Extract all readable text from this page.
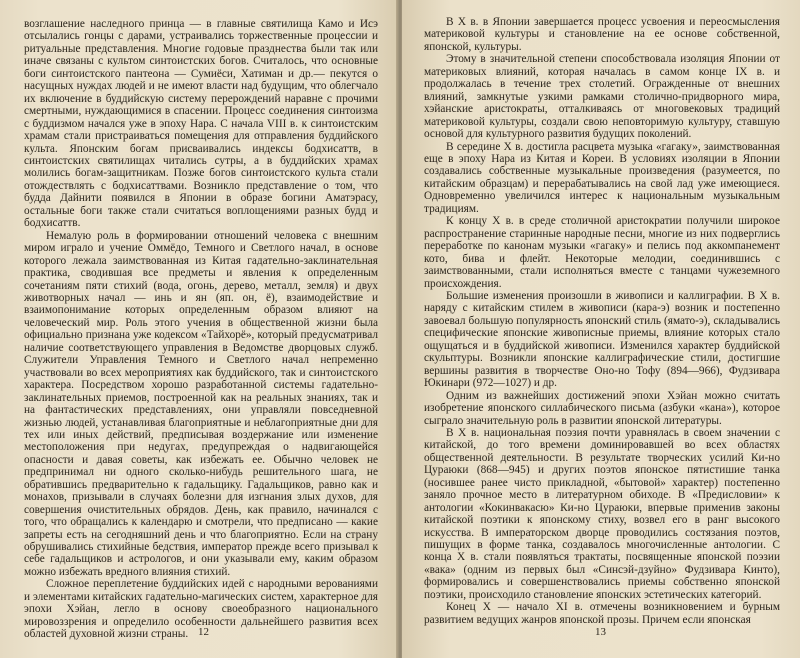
возглашение наследного принца — в главные святилища Камо и Исэ отсылались гонцы с дарами, устраивались торжественные процессии и ритуальные представления. Многие годовые празднества были так или иначе связаны с культом синтоистских богов. Считалось, что основные боги синтоистского пантеона — Сумиёси, Хатиман и др.— пекутся о насущных нуждах людей и не имеют власти над будущим, что облегчало их включение в буддийскую систему перерождений наравне с прочими смертными, нуждающимися в спасении. Процесс соединения синтоизма с буддизмом начался уже в эпоху Нара. С начала VIII в. к синтоистским храмам стали пристраиваться помещения для отправления буддийского культа. Японским богам присваивались индексы бодхисаттв, в синтоистских святилищах читались сутры, а в буддийских храмах молились богам-защитникам. Позже богов синтоистского культа стали отождествлять с бодхисаттвами. Возникло представление о том, что будда Дайнити появился в Японии в образе богини Аматэрасу, остальные боги также стали считаться воплощениями разных будд и бодхисаттв.

Немалую роль в формировании отношений человека с внешним миром играло и учение Оммёдо, Темного и Светлого начал, в основе которого лежала заимствованная из Китая гадательно-заклинательная практика, сводившая все предметы и явления к определенным сочетаниям пяти стихий (вода, огонь, дерево, металл, земля) и двух животворных начал — инь и ян (яп. он, ё), взаимодействие и взаимопонимание которых определенным образом влияют на человеческий мир. Роль этого учения в общественной жизни была официально признана уже кодексом «Тайхорё», который предусматривал наличие соответствующего управления в Ведомстве дворцовых служб. Служители Управления Темного и Светлого начал непременно участвовали во всех мероприятиях как буддийского, так и синтоистского характера. Посредством хорошо разработанной системы гадательно-заклинательных приемов, построенной как на реальных знаниях, так и на фантастических представлениях, они управляли повседневной жизнью людей, устанавливая благоприятные и неблагоприятные дни для тех или иных действий, предписывая воздержание или изменение местоположения при недугах, предупреждая о надвигающейся опасности и давая советы, как избежать ее. Обычно человек не предпринимал ни одного сколько-нибудь решительного шага, не обратившись предварительно к гадальщику. Гадальщиков, равно как и монахов, призывали в случаях болезни для изгнания злых духов, для совершения очистительных обрядов. День, как правило, начинался с того, что обращались к календарю и смотрели, что предписано — какие запреты есть на сегодняшний день и что благоприятно. Если на страну обрушивались стихийные бедствия, император прежде всего призывал к себе гадальщиков и астрологов, и они указывали ему, каким образом можно избежать вредного влияния стихий.

Сложное переплетение буддийских идей с народными верованиями и элементами китайских гадательно-магических систем, характерное для эпохи Хэйан, легло в основу своеобразного национального мировоззрения и определило особенности дальнейшего развития всех областей духовной жизни страны. 12

В X в. в Японии завершается процесс усвоения и переосмысления материковой культуры и становление на ее основе собственной, японской, культуры.

Этому в значительной степени способствовала изоляция Японии от материковых влияний, которая началась в самом конце IX в. и продолжалась в течение трех столетий. Огражденные от внешних влияний, замкнутые узкими рамками столично-придворного мира, хэйанские аристократы, отталкиваясь от многовековых традиций материковой культуры, создали свою неповторимую культуру, ставшую основой для культурного развития будущих поколений.

В середине X в. достигла расцвета музыка «гагаку», заимствованная еще в эпоху Нара из Китая и Кореи. В условиях изоляции в Японии создавались собственные музыкальные произведения (разумеется, по китайским образцам) и перерабатывались на свой лад уже имеющиеся. Одновременно увеличился интерес к национальным музыкальным традициям.

К концу X в. в среде столичной аристократии получили широкое распространение старинные народные песни, многие из них подверглись переработке по канонам музыки «гагаку» и пелись под аккомпанемент кото, бива и флейт. Некоторые мелодии, соединившись с заимствованными, стали исполняться вместе с танцами чужеземного происхождения.

Большие изменения произошли в живописи и каллиграфии. В X в. наряду с китайским стилем в живописи (кара-э) возник и постепенно завоевал большую популярность японский стиль (ямато-э), складывались специфические японские живописные приемы, влияние которых стало ощущаться и в буддийской живописи. Изменился характер буддийской скульптуры. Возникли японские каллиграфические стили, достигшие вершины развития в творчестве Оно-но Тофу (894—966), Фудзивара Юкинари (972—1027) и др.

Одним из важнейших достижений эпохи Хэйан можно считать изобретение японского силлабического письма (азбуки «кана»), которое сыграло значительную роль в развитии японской литературы.

В X в. национальная поэзия почти уравнялась в своем значении с китайской, до того времени доминировавшей во всех областях общественной деятельности. В результате творческих усилий Ки-но Цураюки (868—945) и других поэтов японское пятистишие танка (носившее ранее чисто прикладной, «бытовой» характер) постепенно заняло прочное место в литературном обиходе. В «Предисловии» к антологии «Кокинвакасю» Ки-но Цураюки, впервые применив законы китайской поэтики к японскому стиху, возвел его в ранг высокого искусства. В императорском дворце проводились состязания поэтов, пишущих в форме танка, создавалось многочисленные антологии. С конца X в. стали появляться трактаты, посвященные японской поэзии «вака» (одним из первых был «Синсэй-дзуйно» Фудзивара Кинто), формировались и совершенствовались приемы собственно японской поэтики, происходило становление японских эстетических категорий.

Конец X — начало XI в. отмечены возникновением и бурным развитием ведущих жанров японской прозы. Причем если японская

13
